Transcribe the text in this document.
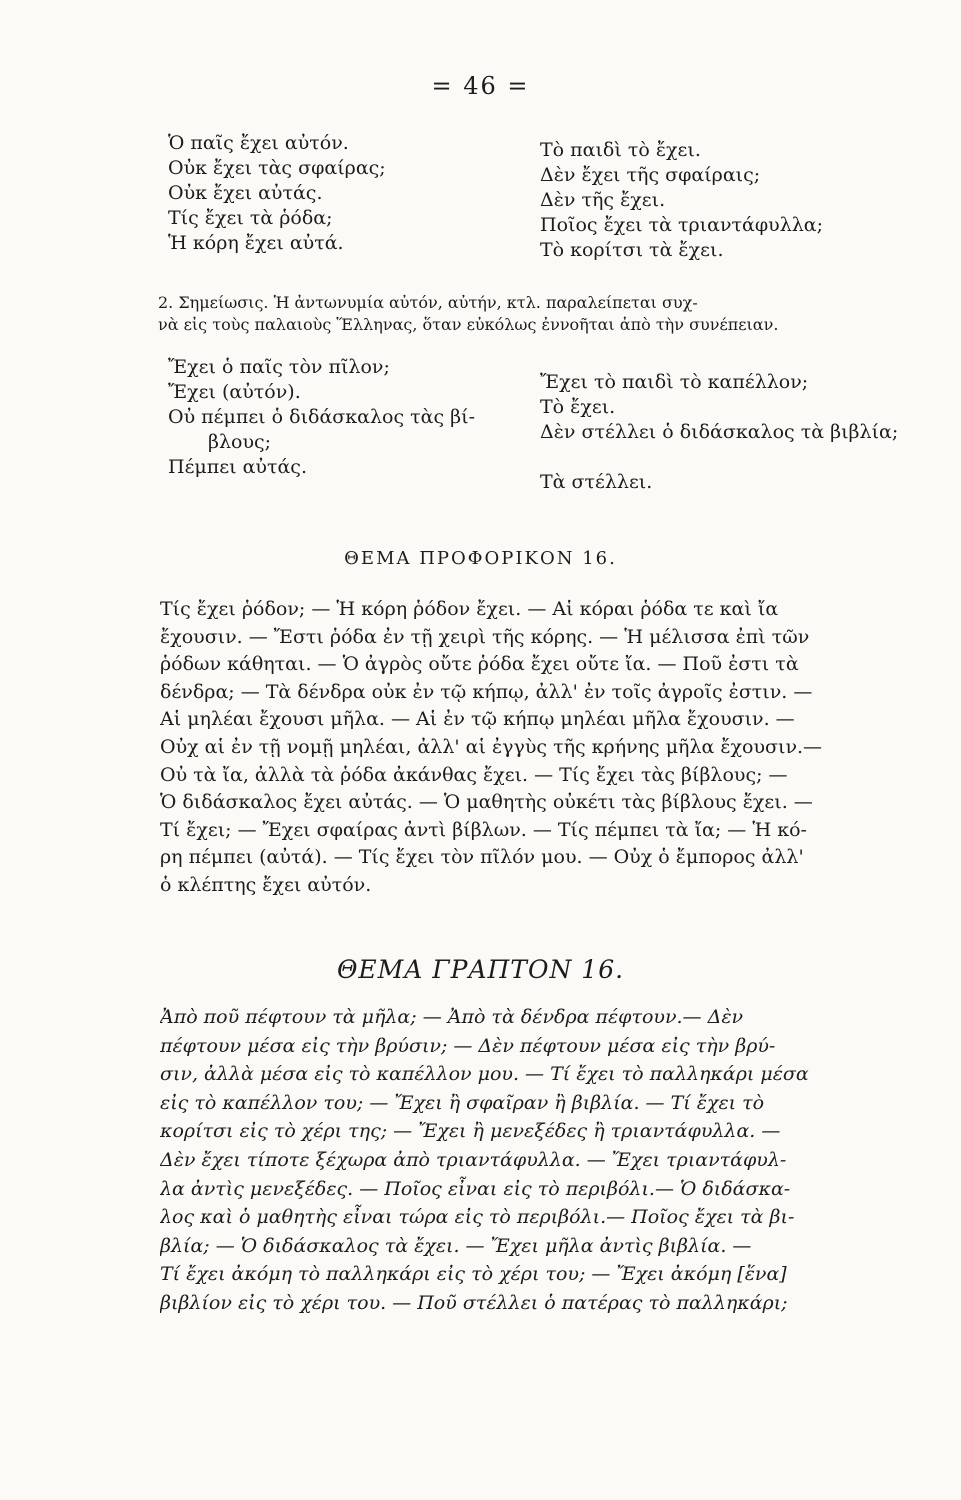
= 46 =
Ὁ παῖς ἔχει αὐτόν.
Οὐκ ἔχει τὰς σφαίρας;
Οὐκ ἔχει αὐτάς.
Τίς ἔχει τὰ ῥόδα;
Ἡ κόρη ἔχει αὐτά.
Τὸ παιδὶ τὸ ἔχει.
Δὲν ἔχει τῆς σφαίραις;
Δὲν τῆς ἔχει.
Ποῖος ἔχει τὰ τριαντάφυλλα;
Τὸ κορίτσι τὰ ἔχει.
2. Σημείωσις. Ἡ ἀντωνυμία αὐτόν, αὐτήν, κτλ. παραλείπεται συχ-
νὰ εἰς τοὺς παλαιοὺς Ἕλληνας, ὅταν εὐκόλως ἐννοῆται ἀπὸ τὴν συνέπειαν.
Ἔχει ὁ παῖς τὸν πῖλον;
Ἔχει (αὐτόν).
Οὐ πέμπει ὁ διδάσκαλος τὰς βί-
βλους;
Πέμπει αὐτάς.
Ἔχει τὸ παιδὶ τὸ καπέλλον;
Τὸ ἔχει.
Δὲν στέλλει ὁ διδάσκαλος τὰ βιβλία;

Τὰ στέλλει.
ΘΕΜΑ ΠΡΟΦΟΡΙΚΟΝ 16.
Τίς ἔχει ῥόδον; — Ἡ κόρη ῥόδον ἔχει. — Αἱ κόραι ῥόδα τε καὶ ἴα
ἔχουσιν. — Ἔστι ῥόδα ἐν τῇ χειρὶ τῆς κόρης. — Ἡ μέλισσα ἐπὶ τῶν
ῥόδων κάθηται. — Ὁ ἀγρὸς οὔτε ῥόδα ἔχει οὔτε ἴα. — Ποῦ ἐστι τὰ
δένδρα; — Τὰ δένδρα οὐκ ἐν τῷ κήπῳ, ἀλλ' ἐν τοῖς ἀγροῖς ἐστιν. —
Αἱ μηλέαι ἔχουσι μῆλα. — Αἱ ἐν τῷ κήπῳ μηλέαι μῆλα ἔχουσιν. —
Οὐχ αἱ ἐν τῇ νομῇ μηλέαι, ἀλλ' αἱ ἐγγὺς τῆς κρήνης μῆλα ἔχουσιν.—
Οὐ τὰ ἴα, ἀλλὰ τὰ ῥόδα ἀκάνθας ἔχει. — Τίς ἔχει τὰς βίβλους; —
Ὁ διδάσκαλος ἔχει αὐτάς. — Ὁ μαθητὴς οὐκέτι τὰς βίβλους ἔχει. —
Τί ἔχει; — Ἔχει σφαίρας ἀντὶ βίβλων. — Τίς πέμπει τὰ ἴα; — Ἡ κό-
ρη πέμπει (αὐτά). — Τίς ἔχει τὸν πῖλόν μου. — Οὐχ ὁ ἔμπορος ἀλλ'
ὁ κλέπτης ἔχει αὐτόν.
ΘΕΜΑ ΓΡΑΠΤΟΝ 16.
Ἀπὸ ποῦ πέφτουν τὰ μῆλα; — Ἀπὸ τὰ δένδρα πέφτουν.— Δὲν
πέφτουν μέσα εἰς τὴν βρύσιν; — Δὲν πέφτουν μέσα εἰς τὴν βρύ-
σιν, ἀλλὰ μέσα εἰς τὸ καπέλλον μου. — Τί ἔχει τὸ παλληκάρι μέσα
εἰς τὸ καπέλλον του; — Ἔχει ἢ σφαῖραν ἢ βιβλία. — Τί ἔχει τὸ
κορίτσι εἰς τὸ χέρι της; — Ἔχει ἢ μενεξέδες ἢ τριαντάφυλλα. —
Δὲν ἔχει τίποτε ξέχωρα ἀπὸ τριαντάφυλλα. — Ἔχει τριαντάφυλ-
λα ἀντὶς μενεξέδες. — Ποῖος εἶναι εἰς τὸ περιβόλι.— Ὁ διδάσκα-
λος καὶ ὁ μαθητὴς εἶναι τώρα εἰς τὸ περιβόλι.— Ποῖος ἔχει τὰ βι-
βλία; — Ὁ διδάσκαλος τὰ ἔχει. — Ἔχει μῆλα ἀντὶς βιβλία. —
Τί ἔχει ἀκόμη τὸ παλληκάρι εἰς τὸ χέρι του; — Ἔχει ἀκόμη [ἕνα]
βιβλίον εἰς τὸ χέρι του. — Ποῦ στέλλει ὁ πατέρας τὸ παλληκάρι;
